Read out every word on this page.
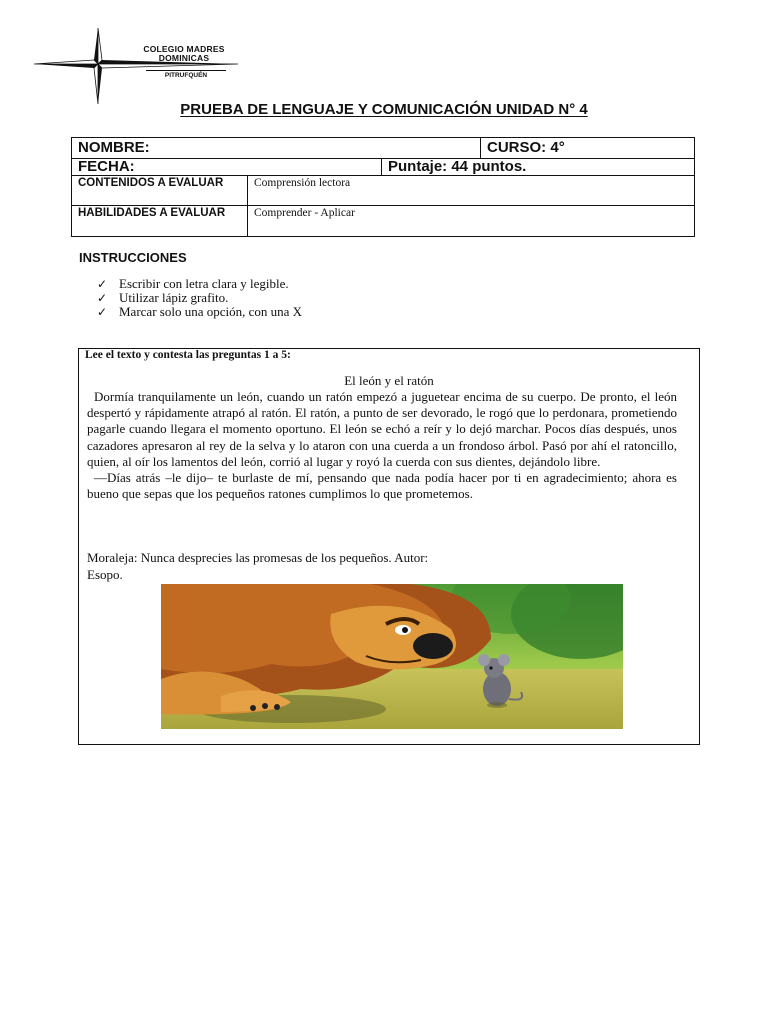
COLEGIO MADRES
DOMINICAS
PITRUFQUÉN
PRUEBA DE LENGUAJE Y COMUNICACIÓN UNIDAD N° 4
NOMBRE:			CURSO: 4°
FECHA:		Puntaje: 44 puntos.	
CONTENIDOS A EVALUAR	Comprensión lectora		
HABILIDADES A EVALUAR	Comprender - Aplicar		
INSTRUCCIONES
✓ Escribir con letra clara y legible.
✓ Utilizar lápiz grafito.
✓ Marcar solo una opción, con una X
Lee el texto y contesta las preguntas 1 a 5:
El león y el ratón

Dormía tranquilamente un león, cuando un ratón empezó a juguetear encima de su cuerpo. De pronto, el león despertó y rápidamente atrapó al ratón. El ratón, a punto de ser devorado, le rogó que lo perdonara, prometiendo pagarle cuando llegara el momento oportuno. El león se echó a reír y lo dejó marchar. Pocos días después, unos cazadores apresaron al rey de la selva y lo ataron con una cuerda a un frondoso árbol. Pasó por ahí el ratoncillo, quien, al oír los lamentos del león, corrió al lugar y royó la cuerda con sus dientes, dejándolo libre.

—Días atrás –le dijo– te burlaste de mí, pensando que nada podía hacer por ti en agradecimiento; ahora es bueno que sepas que los pequeños ratones cumplimos lo que prometemos.

Moraleja: Nunca desprecies las promesas de los pequeños. Autor:
Esopo.
